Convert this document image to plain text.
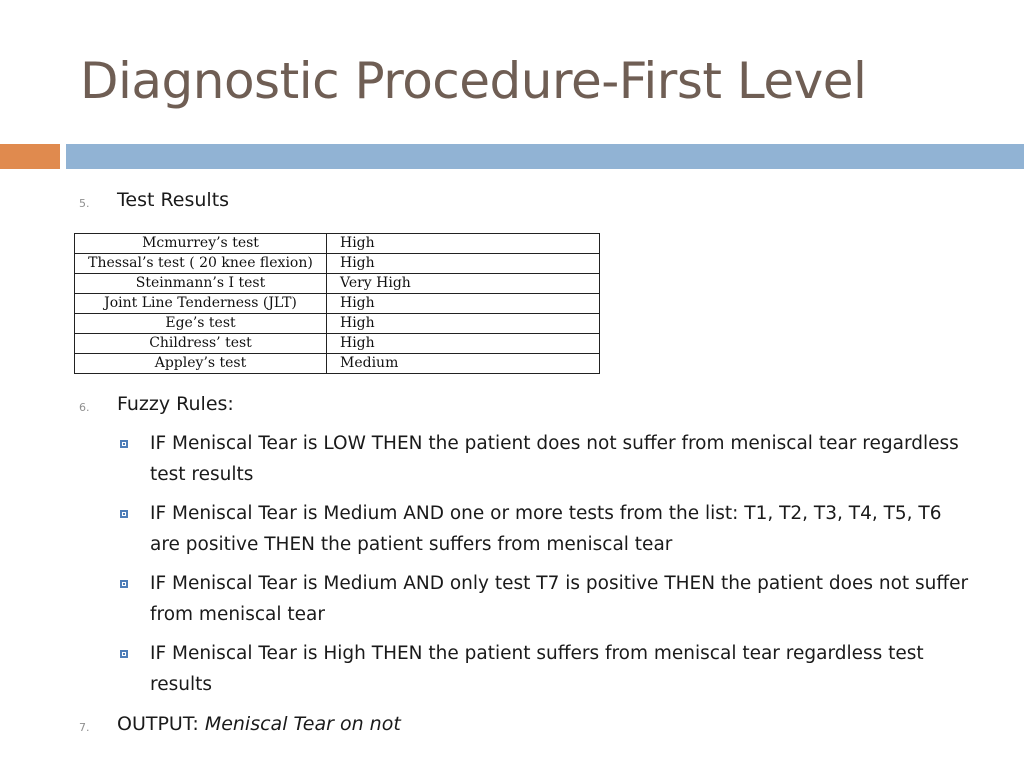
Diagnostic Procedure-First Level
5. Test Results
Mcmurrey’s test	High
Thessal’s test ( 20 knee flexion)	High
Steinmann’s I test	Very High
Joint Line Tenderness (JLT)	High
Ege’s test	High
Childress’ test	High
Appley’s test	Medium
6. Fuzzy Rules:
IF Meniscal Tear is LOW THEN the patient does not suffer from meniscal tear regardless test results
IF Meniscal Tear is Medium AND one or more tests from the list: T1, T2, T3, T4, T5, T6 are positive THEN the patient suffers from meniscal tear
IF Meniscal Tear is Medium AND only test T7 is positive THEN the patient does not suffer from meniscal tear
IF Meniscal Tear is High THEN the patient suffers from meniscal tear regardless test results
7. OUTPUT: Meniscal Tear on not
